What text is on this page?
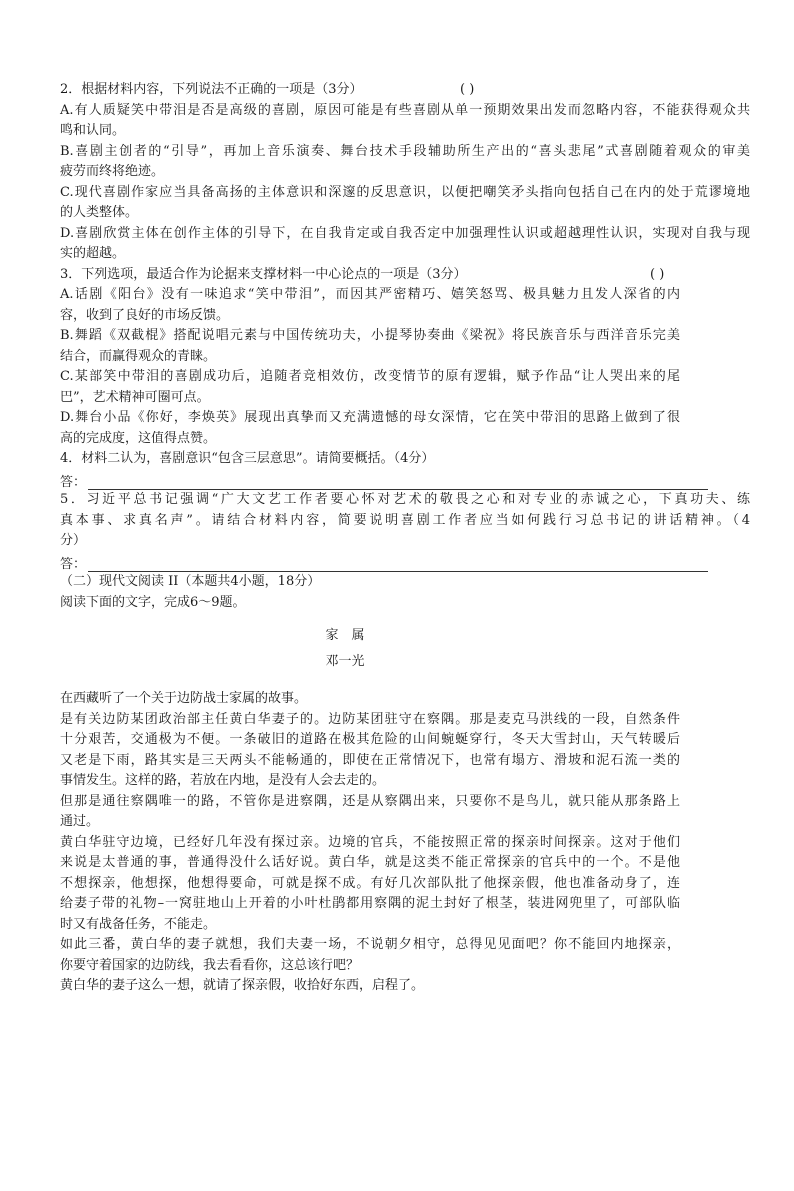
2．根据材料内容，下列说法不正确的一项是（3分）	( )
A.有人质疑笑中带泪是否是高级的喜剧，原因可能是有些喜剧从单一预期效果出发而忽略内容，不能获得观众共
鸣和认同。
B.喜剧主创者的“引导”，再加上音乐演奏、舞台技术手段辅助所生产出的“喜头悲尾”式喜剧随着观众的审美
疲劳而终将绝迹。
C.现代喜剧作家应当具备高扬的主体意识和深邃的反思意识，以便把嘲笑矛头指向包括自己在内的处于荒谬境地
的人类整体。
D.喜剧欣赏主体在创作主体的引导下，在自我肯定或自我否定中加强理性认识或超越理性认识，实现对自我与现
实的超越。
3．下列选项，最适合作为论据来支撑材料一中心论点的一项是（3分）	( )
A.话剧《阳台》没有一味追求“笑中带泪”，而因其严密精巧、嬉笑怒骂、极具魅力且发人深省的内
容，收到了良好的市场反馈。
B.舞蹈《双截棍》搭配说唱元素与中国传统功夫，小提琴协奏曲《梁祝》将民族音乐与西洋音乐完美
结合，而赢得观众的青睐。
C.某部笑中带泪的喜剧成功后，追随者竞相效仿，改变情节的原有逻辑，赋予作品“让人哭出来的尾
巴”，艺术精神可圈可点。
D.舞台小品《你好，李焕英》展现出真挚而又充满遗憾的母女深情，它在笑中带泪的思路上做到了很
高的完成度，这值得点赞。
4．材料二认为，喜剧意识“包含三层意思”。请简要概括。（4分）
答：
5．习近平总书记强调“广大文艺工作者要心怀对艺术的敬畏之心和对专业的赤诚之心，下真功夫、练
真本事、求真名声”。请结合材料内容，简要说明喜剧工作者应当如何践行习总书记的讲话精神。（4
分）
答：
（二）现代文阅读 II（本题共4小题，18分）
阅读下面的文字，完成6～9题。
家　属
邓一光
在西藏听了一个关于边防战士家属的故事。
是有关边防某团政治部主任黄白华妻子的。边防某团驻守在察隅。那是麦克马洪线的一段，自然条件
十分艰苦，交通极为不便。一条破旧的道路在极其危险的山间蜿蜒穿行，冬天大雪封山，天气转暖后
又老是下雨，路其实是三天两头不能畅通的，即使在正常情况下，也常有塌方、滑坡和泥石流一类的
事情发生。这样的路，若放在内地，是没有人会去走的。
但那是通往察隅唯一的路，不管你是进察隅，还是从察隅出来，只要你不是鸟儿，就只能从那条路上
通过。
黄白华驻守边境，已经好几年没有探过亲。边境的官兵，不能按照正常的探亲时间探亲。这对于他们
来说是太普通的事，普通得没什么话好说。黄白华，就是这类不能正常探亲的官兵中的一个。不是他
不想探亲，他想探，他想得要命，可就是探不成。有好几次部队批了他探亲假，他也准备动身了，连
给妻子带的礼物–一窝驻地山上开着的小叶杜鹃都用察隅的泥土封好了根茎，装进网兜里了，可部队临
时又有战备任务，不能走。
如此三番，黄白华的妻子就想，我们夫妻一场，不说朝夕相守，总得见见面吧？你不能回内地探亲，
你要守着国家的边防线，我去看看你，这总该行吧？
黄白华的妻子这么一想，就请了探亲假，收拾好东西，启程了。
